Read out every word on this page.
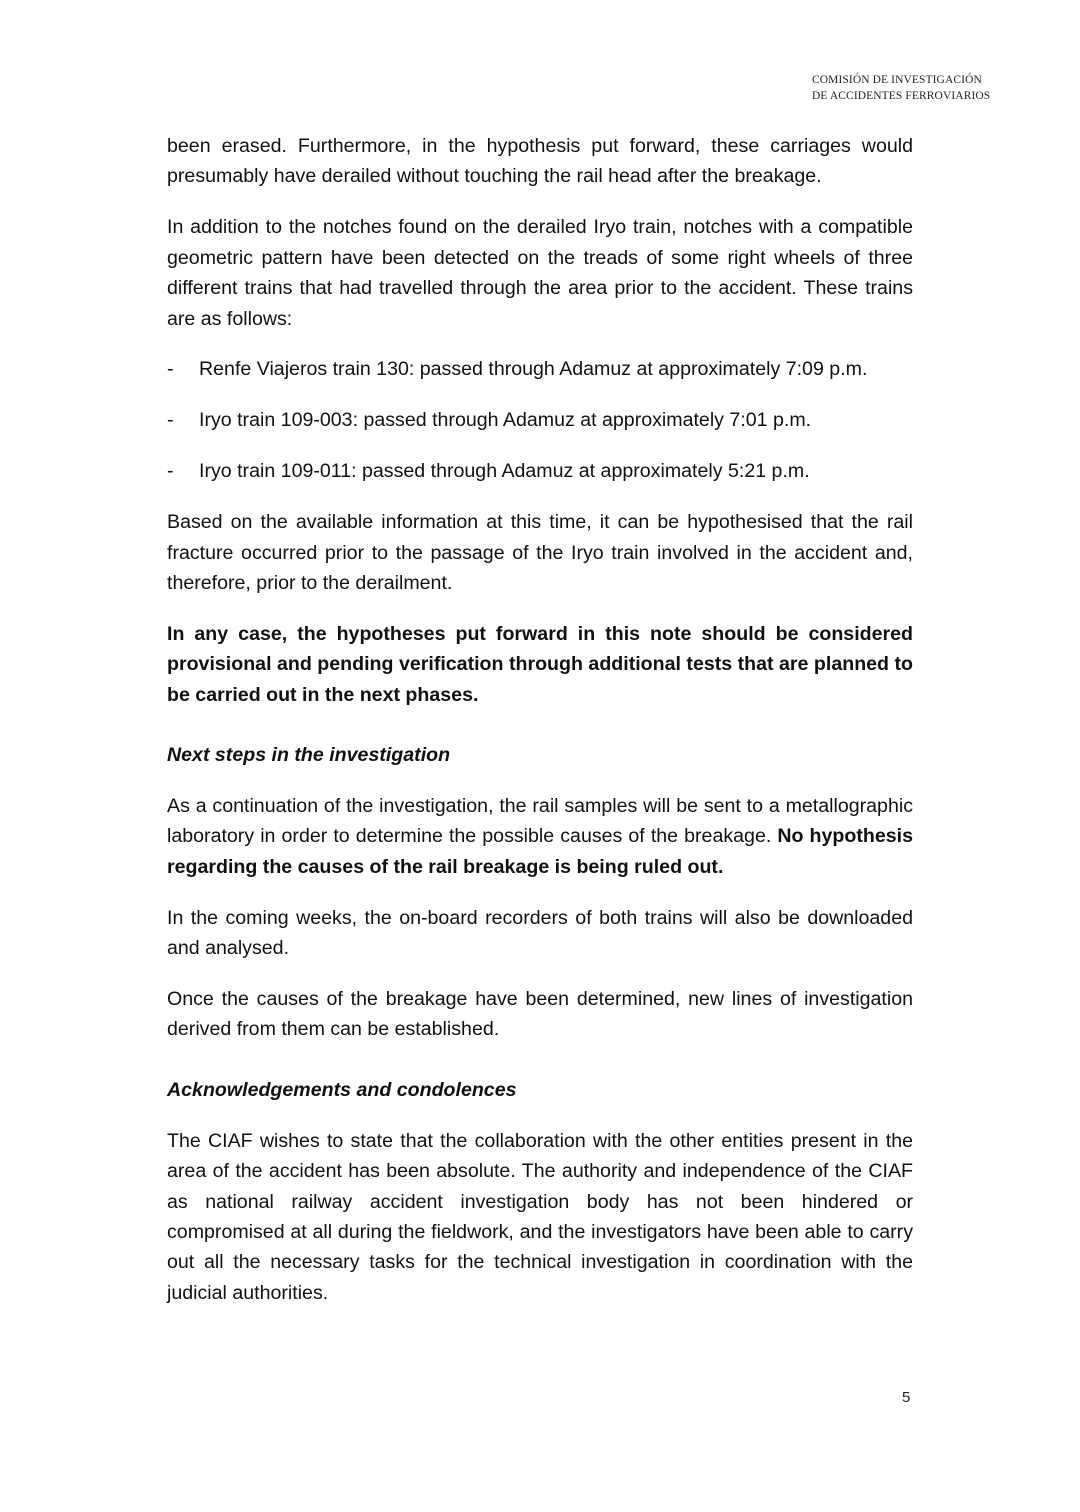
COMISIÓN DE INVESTIGACIÓN
DE ACCIDENTES FERROVIARIOS

been erased. Furthermore, in the hypothesis put forward, these carriages would presumably have derailed without touching the rail head after the breakage.

In addition to the notches found on the derailed Iryo train, notches with a compatible geometric pattern have been detected on the treads of some right wheels of three different trains that had travelled through the area prior to the accident. These trains are as follows:

-	Renfe Viajeros train 130: passed through Adamuz at approximately 7:09 p.m.
-	Iryo train 109-003: passed through Adamuz at approximately 7:01 p.m.
-	Iryo train 109-011: passed through Adamuz at approximately 5:21 p.m.

Based on the available information at this time, it can be hypothesised that the rail fracture occurred prior to the passage of the Iryo train involved in the accident and, therefore, prior to the derailment.

In any case, the hypotheses put forward in this note should be considered provisional and pending verification through additional tests that are planned to be carried out in the next phases.

Next steps in the investigation

As a continuation of the investigation, the rail samples will be sent to a metallographic laboratory in order to determine the possible causes of the breakage. No hypothesis regarding the causes of the rail breakage is being ruled out.

In the coming weeks, the on-board recorders of both trains will also be downloaded and analysed.

Once the causes of the breakage have been determined, new lines of investigation derived from them can be established.

Acknowledgements and condolences

The CIAF wishes to state that the collaboration with the other entities present in the area of the accident has been absolute. The authority and independence of the CIAF as national railway accident investigation body has not been hindered or compromised at all during the fieldwork, and the investigators have been able to carry out all the necessary tasks for the technical investigation in coordination with the judicial authorities.

5
